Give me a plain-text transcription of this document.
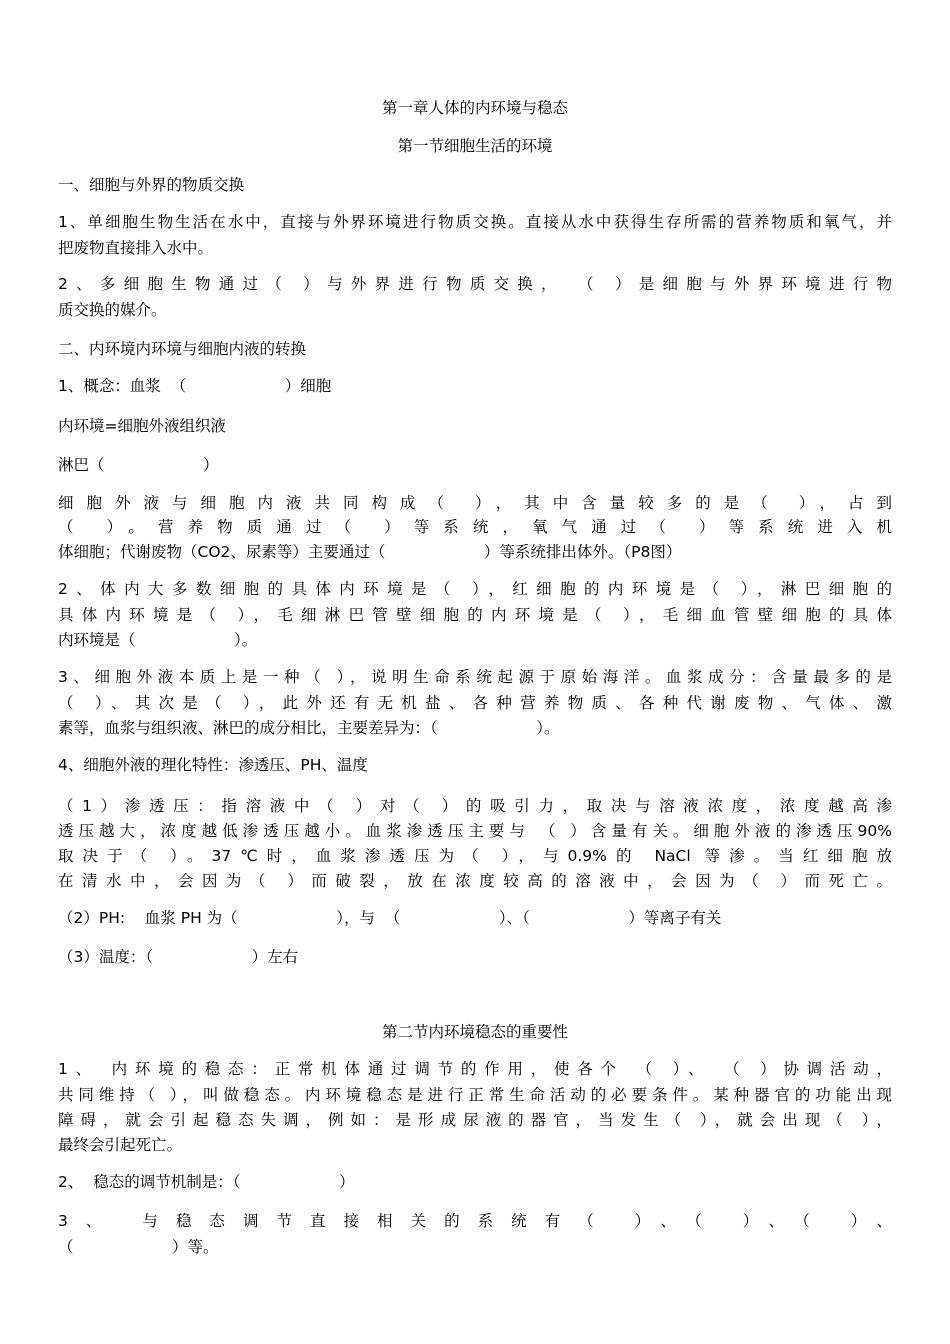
第一章人体的内环境与稳态
第一节细胞生活的环境
一、细胞与外界的物质交换
1、单细胞生物生活在水中，直接与外界环境进行物质交换。直接从水中获得生存所需的营养物质和氧气，并
把废物直接排入水中。
2、多细胞生物通过（ ）与外界进行物质交换， （ ）是细胞与外界环境进行物
质交换的媒介。
二、内环境内环境与细胞内液的转换
1、概念：血浆  （                    ）细胞
内环境=细胞外液组织液
淋巴（                    ）
细胞外液与细胞内液共同构成（ ），其中含量较多的是（ ），占到
（ ）。营养物质通过（ ）等系统，氧气通过（ ）等系统进入机
体细胞；代谢废物（CO2、尿素等）主要通过（                    ）等系统排出体外。（P8图）
2、体内大多数细胞的具体内环境是（ ），红细胞的内环境是（ ），淋巴细胞的
具体内环境是（ ），毛细淋巴管壁细胞的内环境是（ ），毛细血管壁细胞的具体
内环境是（                    ）。
3、细胞外液本质上是一种（ ），说明生命系统起源于原始海洋。血浆成分：含量最多的是
（ ）、其次是（ ），此外还有无机盐、各种营养物质、各种代谢废物、气体、激
素等，血浆与组织液、淋巴的成分相比，主要差异为：（                    ）。
4、细胞外液的理化特性：渗透压、PH、温度
（1）渗透压：指溶液中（ ）对（ ）的吸引力，取决与溶液浓度，浓度越高渗
透压越大，浓度越低渗透压越小。血浆渗透压主要与 （ ）含量有关。细胞外液的渗透压90%
取决于（ ）。37℃时，血浆渗透压为（ ），与0.9%的 NaCl 等渗。当红细胞放
在清水中，会因为（ ）而破裂，放在浓度较高的溶液中，会因为（ ）而死亡。
（2）PH:    血浆 PH 为（                    ），与  （                    ）、（                    ）等离子有关
（3）温度：（                    ）左右
第二节内环境稳态的重要性
1、 内环境的稳态：正常机体通过调节的作用，使各个 （ ）、 （ ）协调活动，
共同维持（ ），叫做稳态。内环境稳态是进行正常生命活动的必要条件。某种器官的功能出现
障碍，就会引起稳态失调，例如：是形成尿液的器官，当发生（ ），就会出现（ ），
最终会引起死亡。
2、  稳态的调节机制是：（                    ）
3、 与稳态调节直接相关的系统有（ ）、（ ）、（ ）、
（                    ）等。
